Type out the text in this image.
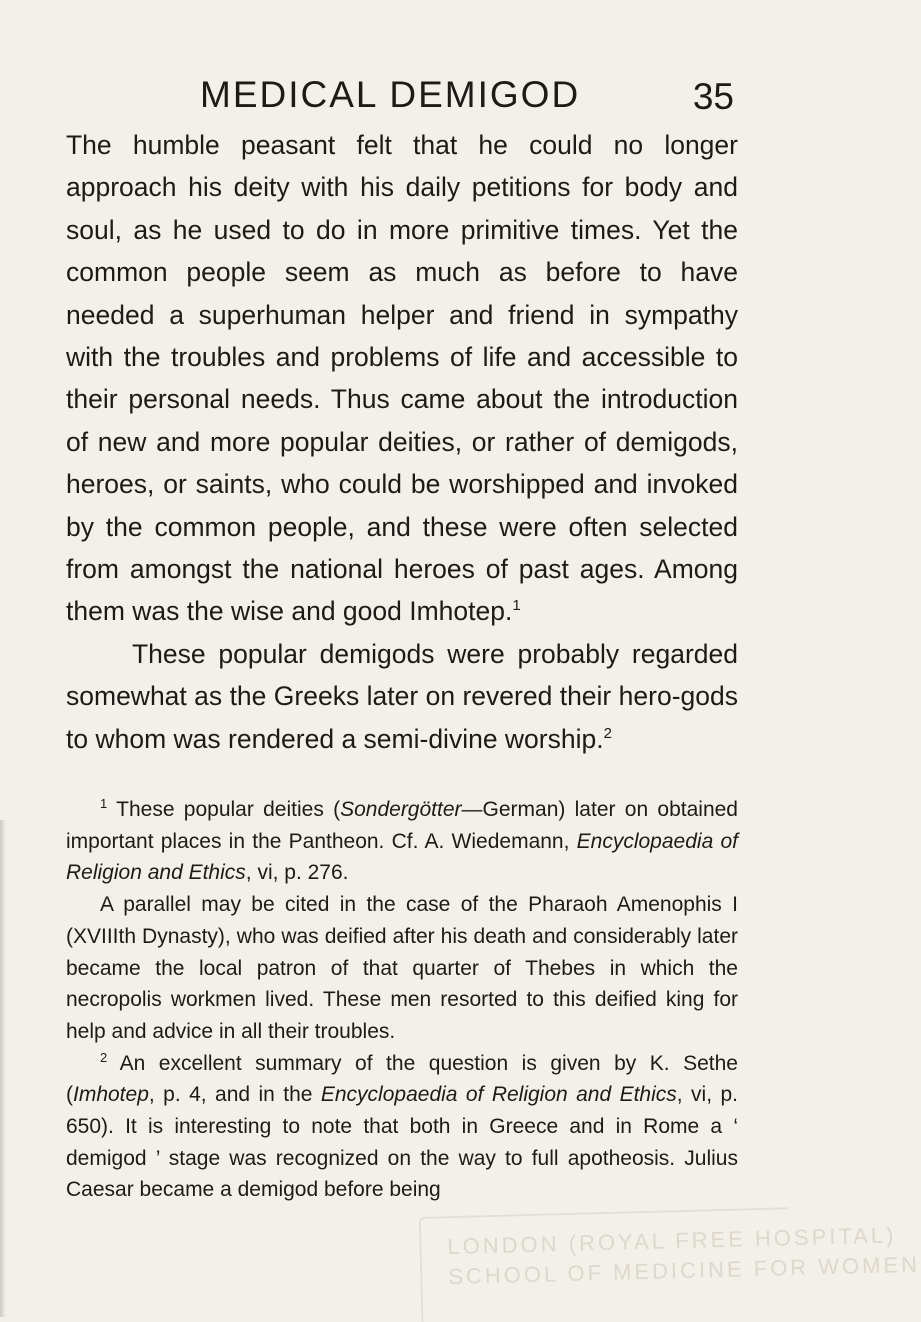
MEDICAL DEMIGOD	35

The humble peasant felt that he could no longer approach his deity with his daily petitions for body and soul, as he used to do in more primitive times. Yet the common people seem as much as before to have needed a superhuman helper and friend in sympathy with the troubles and problems of life and accessible to their personal needs. Thus came about the introduction of new and more popular deities, or rather of demigods, heroes, or saints, who could be worshipped and invoked by the common people, and these were often selected from amongst the national heroes of past ages. Among them was the wise and good Imhotep.$^1$

These popular demigods were probably regarded somewhat as the Greeks later on revered their hero-gods to whom was rendered a semi-divine worship.$^2$

$^1$ These popular deities (Sondergötter—German) later on obtained important places in the Pantheon. Cf. A. Wiedemann, Encyclopaedia of Religion and Ethics, vi, p. 276.

A parallel may be cited in the case of the Pharaoh Amenophis I (XVIIIth Dynasty), who was deified after his death and considerably later became the local patron of that quarter of Thebes in which the necropolis workmen lived. These men resorted to this deified king for help and advice in all their troubles.

$^2$ An excellent summary of the question is given by K. Sethe (Imhotep, p. 4, and in the Encyclopaedia of Religion and Ethics, vi, p. 650). It is interesting to note that both in Greece and in Rome a ‘ demigod ’ stage was recognized on the way to full apotheosis. Julius Caesar became a demigod before being

LONDON (ROYAL FREE HOSPITAL)
SCHOOL OF MEDICINE FOR WOMEN
